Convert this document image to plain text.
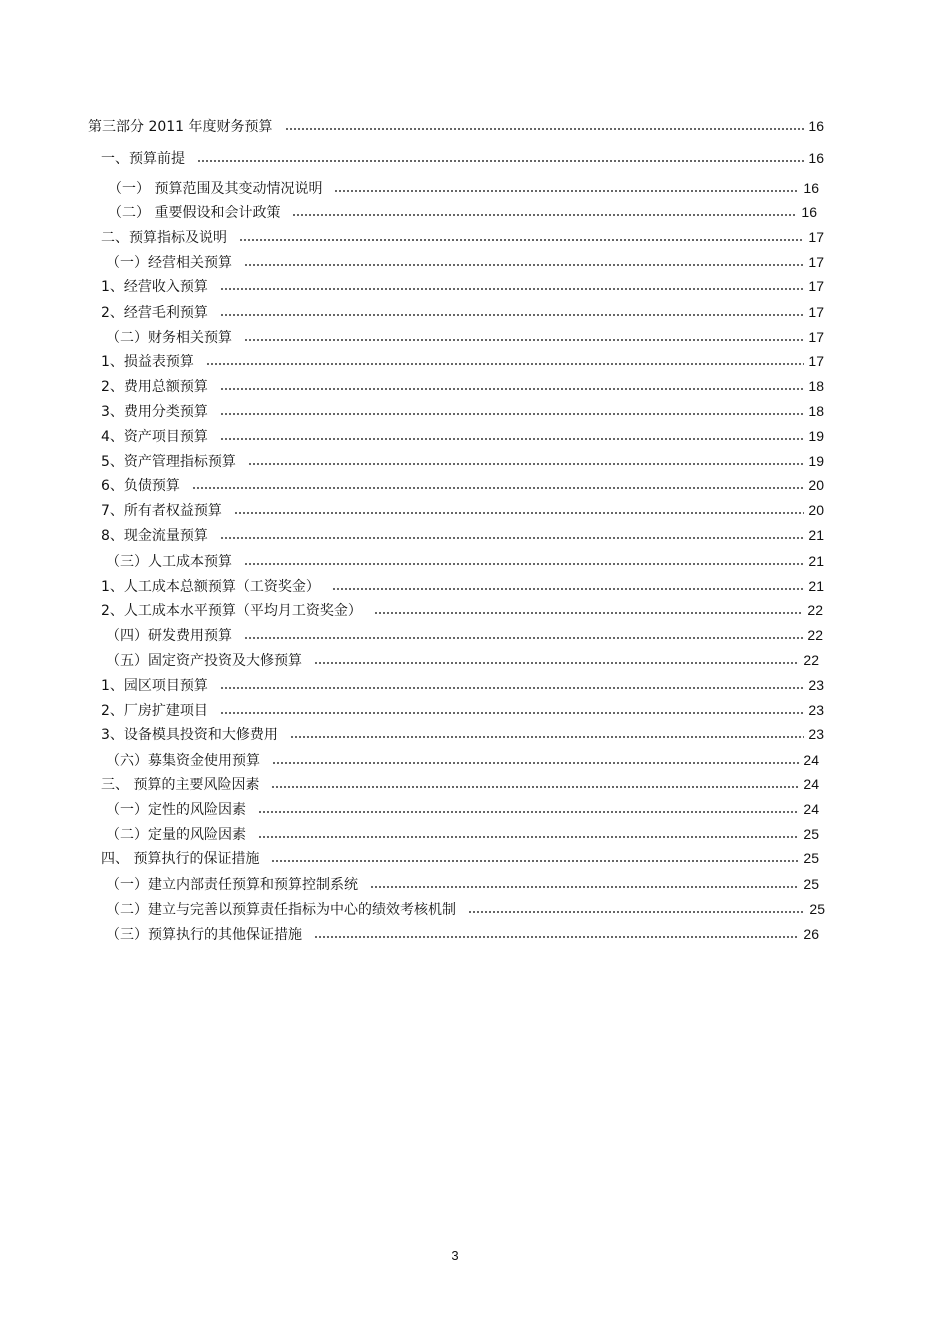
第三部分 2011 年度财务预算	16
一、预算前提	16
（一） 预算范围及其变动情况说明	16
（二） 重要假设和会计政策	16
二、预算指标及说明	17
（一）经营相关预算	17
1、经营收入预算	17
2、经营毛利预算	17
（二）财务相关预算	17
1、损益表预算	17
2、费用总额预算	18
3、费用分类预算	18
4、资产项目预算	19
5、资产管理指标预算	19
6、负债预算	20
7、所有者权益预算	20
8、现金流量预算	21
（三）人工成本预算	21
1、人工成本总额预算（工资奖金）	21
2、人工成本水平预算（平均月工资奖金）	22
（四）研发费用预算	22
（五）固定资产投资及大修预算	22
1、园区项目预算	23
2、厂房扩建项目	23
3、设备模具投资和大修费用	23
（六）募集资金使用预算	24
三、 预算的主要风险因素	24
（一）定性的风险因素	24
（二）定量的风险因素	25
四、 预算执行的保证措施	25
（一）建立内部责任预算和预算控制系统	25
（二）建立与完善以预算责任指标为中心的绩效考核机制	25
（三）预算执行的其他保证措施	26
3
